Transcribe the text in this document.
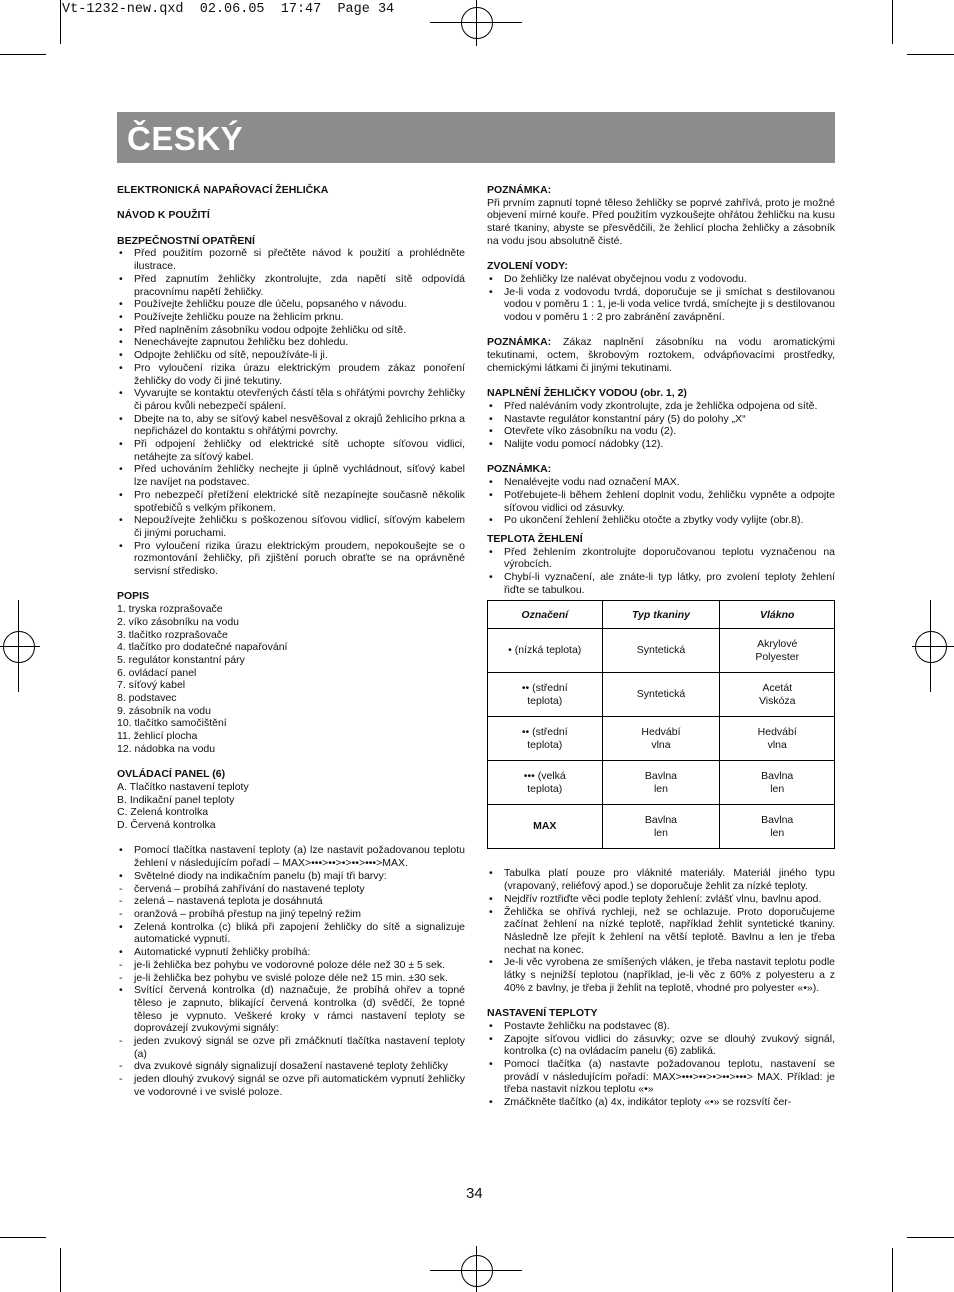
Vt-1232-new.qxd  02.06.05  17:47  Page 34
ČESKÝ
ELEKTRONICKÁ NAPAŘOVACÍ ŽEHLIČKA
NÁVOD K POUŽITÍ
BEZPEČNOSTNÍ OPATŘENÍ
• Před použitím pozorně si přečtěte návod k použití a prohlédněte ilustrace.
• Před zapnutím žehličky zkontrolujte, zda napětí sítě odpovídá pracovnímu napětí žehličky.
• Používejte žehličku pouze dle účelu, popsaného v návodu.
• Používejte žehličku pouze na žehlicím prknu.
• Před naplněním zásobníku vodou odpojte žehličku od sítě.
• Nenechávejte zapnutou žehličku bez dohledu.
• Odpojte žehličku od sítě, nepoužíváte-li ji.
• Pro vyloučení rizika úrazu elektrickým proudem zákaz ponoření žehličky do vody či jiné tekutiny.
• Vyvarujte se kontaktu otevřených částí těla s ohřátými povrchy žehličky či párou kvůli nebezpečí spálení.
• Dbejte na to, aby se síťový kabel nesvěšoval z okrajů žehlicího prkna a nepřicházel do kontaktu s ohřátými povrchy.
• Při odpojení žehličky od elektrické sítě uchopte síťovou vidlici, netáhejte za síťový kabel.
• Před uchováním žehličky nechejte ji úplně vychládnout, síťový kabel lze navíjet na podstavec.
• Pro nebezpečí přetížení elektrické sítě nezapínejte současně několik spotřebičů s velkým příkonem.
• Nepoužívejte žehličku s poškozenou síťovou vidlicí, síťovým kabelem či jinými poruchami.
• Pro vyloučení rizika úrazu elektrickým proudem, nepokoušejte se o rozmontování žehličky, při zjištění poruch obraťte se na oprávněné servisní středisko.
POPIS
1. tryska rozprašovače
2. víko zásobníku na vodu
3. tlačítko rozprašovače
4. tlačítko pro dodatečné napařování
5. regulátor konstantní páry
6. ovládací panel
7. síťový kabel
8. podstavec
9. zásobník na vodu
10. tlačítko samočištění
11. žehlicí plocha
12. nádobka na vodu
OVLÁDACÍ PANEL (6)
A. Tlačítko nastavení teploty
B. Indikační panel teploty
C. Zelená kontrolka
D. Červená kontrolka
• Pomocí tlačítka nastavení teploty (a) lze nastavit požadovanou teplotu žehlení v následujícím pořadí – MAX>•••>••>•>••>•••>MAX.
• Světelné diody na indikačním panelu (b) mají tři barvy:
- červená – probíhá zahřívání do nastavené teploty
- zelená – nastavená teplota je dosáhnutá
- oranžová – probíhá přestup na jiný tepelný režim
• Zelená kontrolka (c) bliká při zapojení žehličky do sítě a signalizuje automatické vypnutí.
• Automatické vypnutí žehličky probíhá:
- je-li žehlička bez pohybu ve vodorovné poloze déle než 30 ± 5 sek.
- je-li žehlička bez pohybu ve svislé poloze déle než 15 min. ±30 sek.
• Svítící červená kontrolka (d) naznačuje, že probíhá ohřev a topné těleso je zapnuto, blikající červená kontrolka (d) svědčí, že topné těleso je vypnuto. Veškeré kroky v rámci nastavení teploty se doprovázejí zvukovými signály:
- jeden zvukový signál se ozve při zmáčknutí tlačítka nastavení teploty (a)
- dva zvukové signály signalizují dosažení nastavené teploty žehličky
- jeden dlouhý zvukový signál se ozve při automatickém vypnutí žehličky ve vodorovné i ve svislé poloze.
POZNÁMKA:

Při prvním zapnutí topné těleso žehličky se poprvé zahřívá, proto je možné objevení mírné kouře. Před použitím vyzkoušejte ohřátou žehličku na kusu staré tkaniny, abyste se přesvědčili, že žehlicí plocha žehličky a zásobník na vodu jsou absolutně čisté.

ZVOLENÍ VODY:
• Do žehličky lze nalévat obyčejnou vodu z vodovodu.
• Je-li voda z vodovodu tvrdá, doporučuje se ji smíchat s destilovanou vodou v poměru 1 : 1, je-li voda velice tvrdá, smíchejte ji s destilovanou vodou v poměru 1 : 2 pro zabránění zavápnění.

POZNÁMKA: Zákaz naplnění zásobníku na vodu aromatickými tekutinami, octem, škrobovým roztokem, odvápňovacími prostředky, chemickými látkami či jinými tekutinami.

NAPLNĚNÍ ŽEHLIČKY VODOU (obr. 1, 2)
• Před naléváním vody zkontrolujte, zda je žehlička odpojena od sítě.
• Nastavte regulátor konstantní páry (5) do polohy „X“
• Otevřete víko zásobníku na vodu (2).
• Nalijte vodu pomocí nádobky (12).
POZNÁMKA:
• Nenalévejte vodu nad označení MAX.
• Potřebujete-li během žehlení doplnit vodu, žehličku vypněte a odpojte síťovou vidlici od zásuvky.
• Po ukončení žehlení žehličku otočte a zbytky vody vylijte (obr.8).
TEPLOTA ŽEHLENÍ
• Před žehlením zkontrolujte doporučovanou teplotu vyznačenou na výrobcích.
• Chybí-li vyznačení, ale znáte-li typ látky, pro zvolení teploty žehlení řiďte se tabulkou.
Označení	Typ tkaniny	Vlákno
• (nízká teplota)	Syntetická	Akrylové
Polyester
•• (střední
teplota)	Syntetická	Acetát
Viskóza
•• (střední
teplota)	Hedvábí
vlna	Hedvábí
vlna
••• (velká
teplota)	Bavlna
len	Bavlna
len
MAX	Bavlna
len	Bavlna
len
• Tabulka platí pouze pro vláknité materiály. Materiál jiného typu (vrapovaný, reliéfový apod.) se doporučuje žehlit za nízké teploty.
• Nejdřív roztřiďte věci podle teploty žehlení: zvlášť vlnu, bavlnu apod.
• Žehlička se ohřívá rychleji, než se ochlazuje. Proto doporučujeme začínat žehlení na nízké teplotě, například žehlit syntetické tkaniny. Následně lze přejít k žehlení na větší teplotě. Bavlnu a len je třeba nechat na konec.
• Je-li věc vyrobena ze smíšených vláken, je třeba nastavit teplotu podle látky s nejnižší teplotou (například, je-li věc z 60% z polyesteru a z 40% z bavlny, je třeba ji žehlit na teplotě, vhodné pro polyester «•»).
NASTAVENÍ TEPLOTY
• Postavte žehličku na podstavec (8).
• Zapojte síťovou vidlici do zásuvky; ozve se dlouhý zvukový signál, kontrolka (c) na ovládacím panelu (6) zabliká.
• Pomocí tlačítka (a) nastavte požadovanou teplotu, nastavení se provádí v následujícím pořadí: MAX>•••>••>•>••>•••> MAX. Příklad: je třeba nastavit nízkou teplotu «•»
• Zmáčkněte tlačítko (a) 4x, indikátor teploty «•» se rozsvítí čer-
34
